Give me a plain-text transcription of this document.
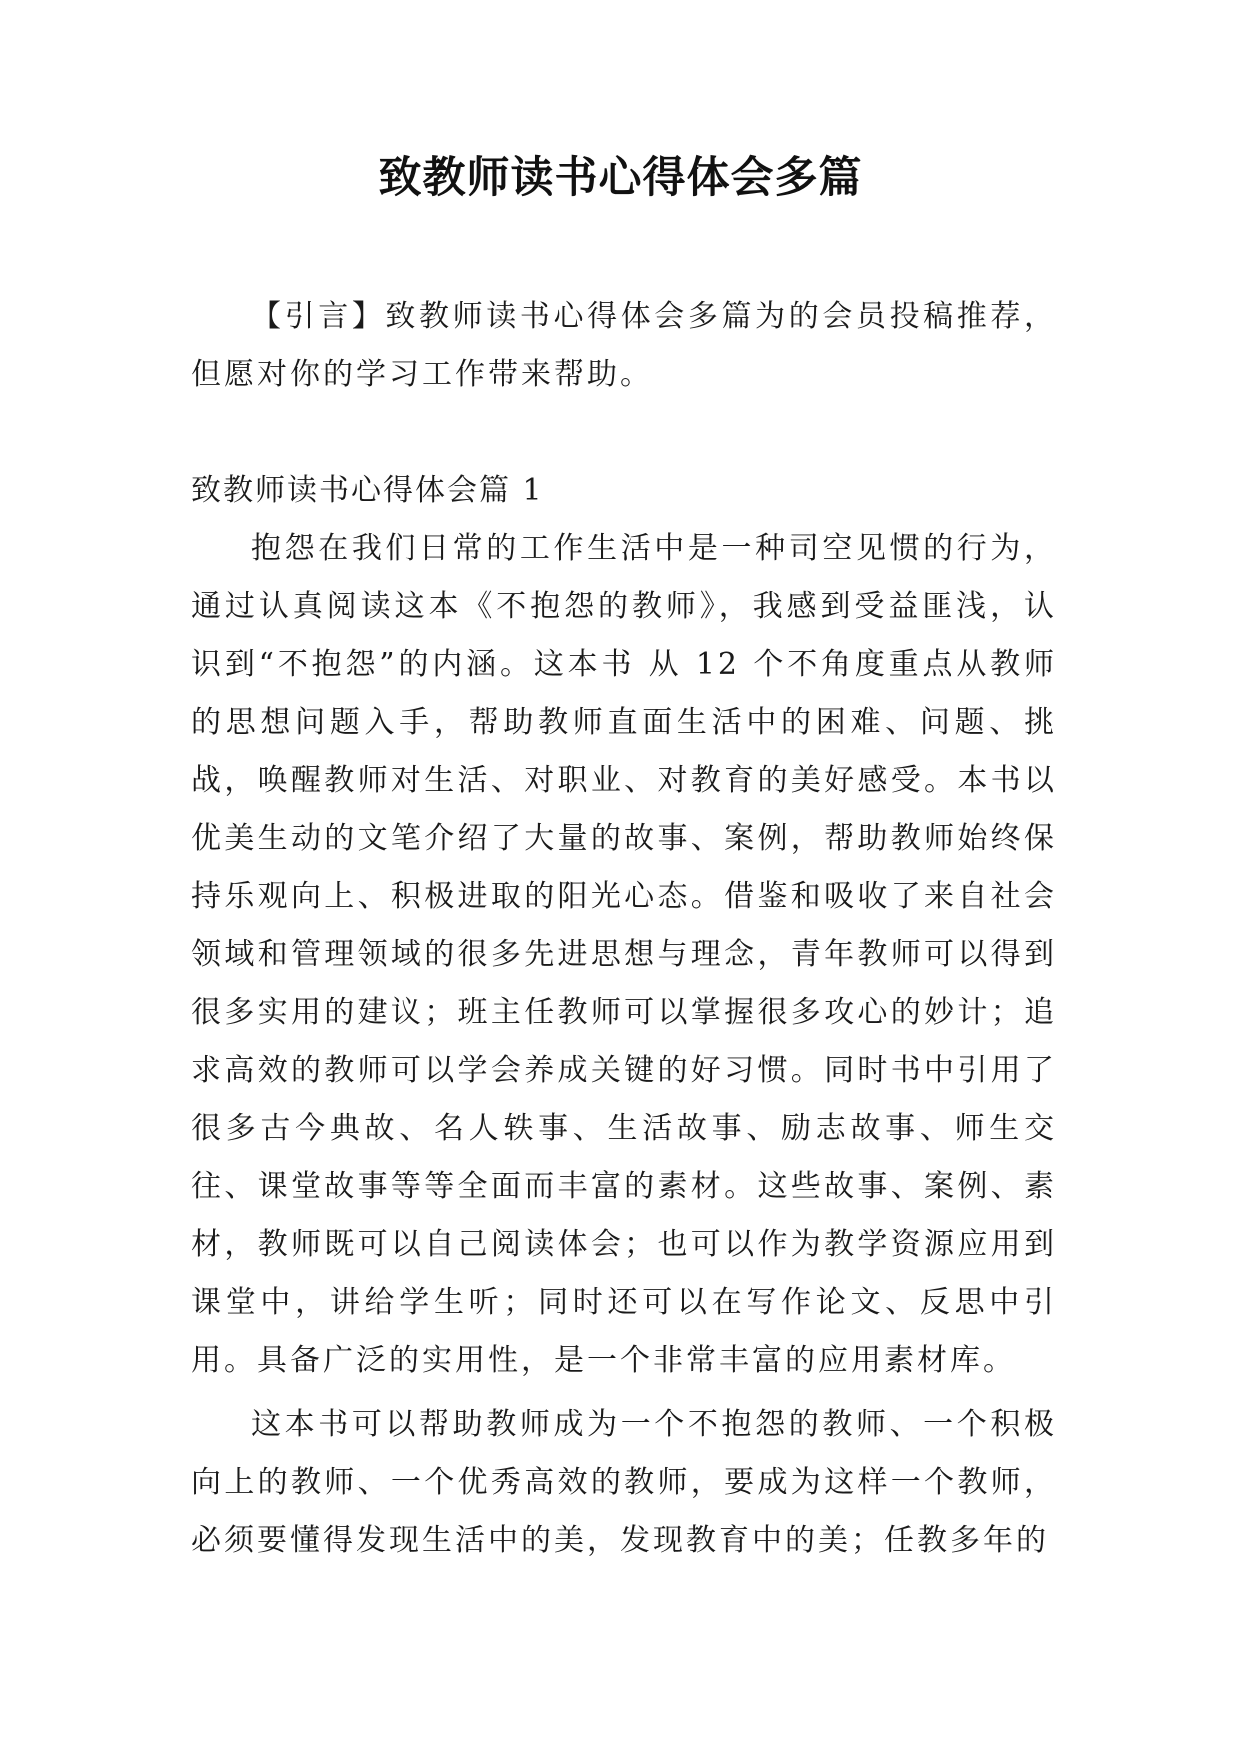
致教师读书心得体会多篇

【引言】致教师读书心得体会多篇为的会员投稿推荐，但愿对你的学习工作带来帮助。

致教师读书心得体会篇 1

抱怨在我们日常的工作生活中是一种司空见惯的行为，通过认真阅读这本《不抱怨的教师》，我感到受益匪浅，认识到“不抱怨”的内涵。这本书 从 12 个不角度重点从教师的思想问题入手，帮助教师直面生活中的困难、问题、挑战，唤醒教师对生活、对职业、对教育的美好感受。本书以优美生动的文笔介绍了大量的故事、案例，帮助教师始终保持乐观向上、积极进取的阳光心态。借鉴和吸收了来自社会领域和管理领域的很多先进思想与理念，青年教师可以得到很多实用的建议；班主任教师可以掌握很多攻心的妙计；追求高效的教师可以学会养成关键的好习惯。同时书中引用了很多古今典故、名人轶事、生活故事、励志故事、师生交往、课堂故事等等全面而丰富的素材。这些故事、案例、素材，教师既可以自己阅读体会；也可以作为教学资源应用到课堂中，讲给学生听；同时还可以在写作论文、反思中引用。具备广泛的实用性，是一个非常丰富的应用素材库。

这本书可以帮助教师成为一个不抱怨的教师、一个积极向上的教师、一个优秀高效的教师，要成为这样一个教师，必须要懂得发现生活中的美，发现教育中的美；任教多年的
